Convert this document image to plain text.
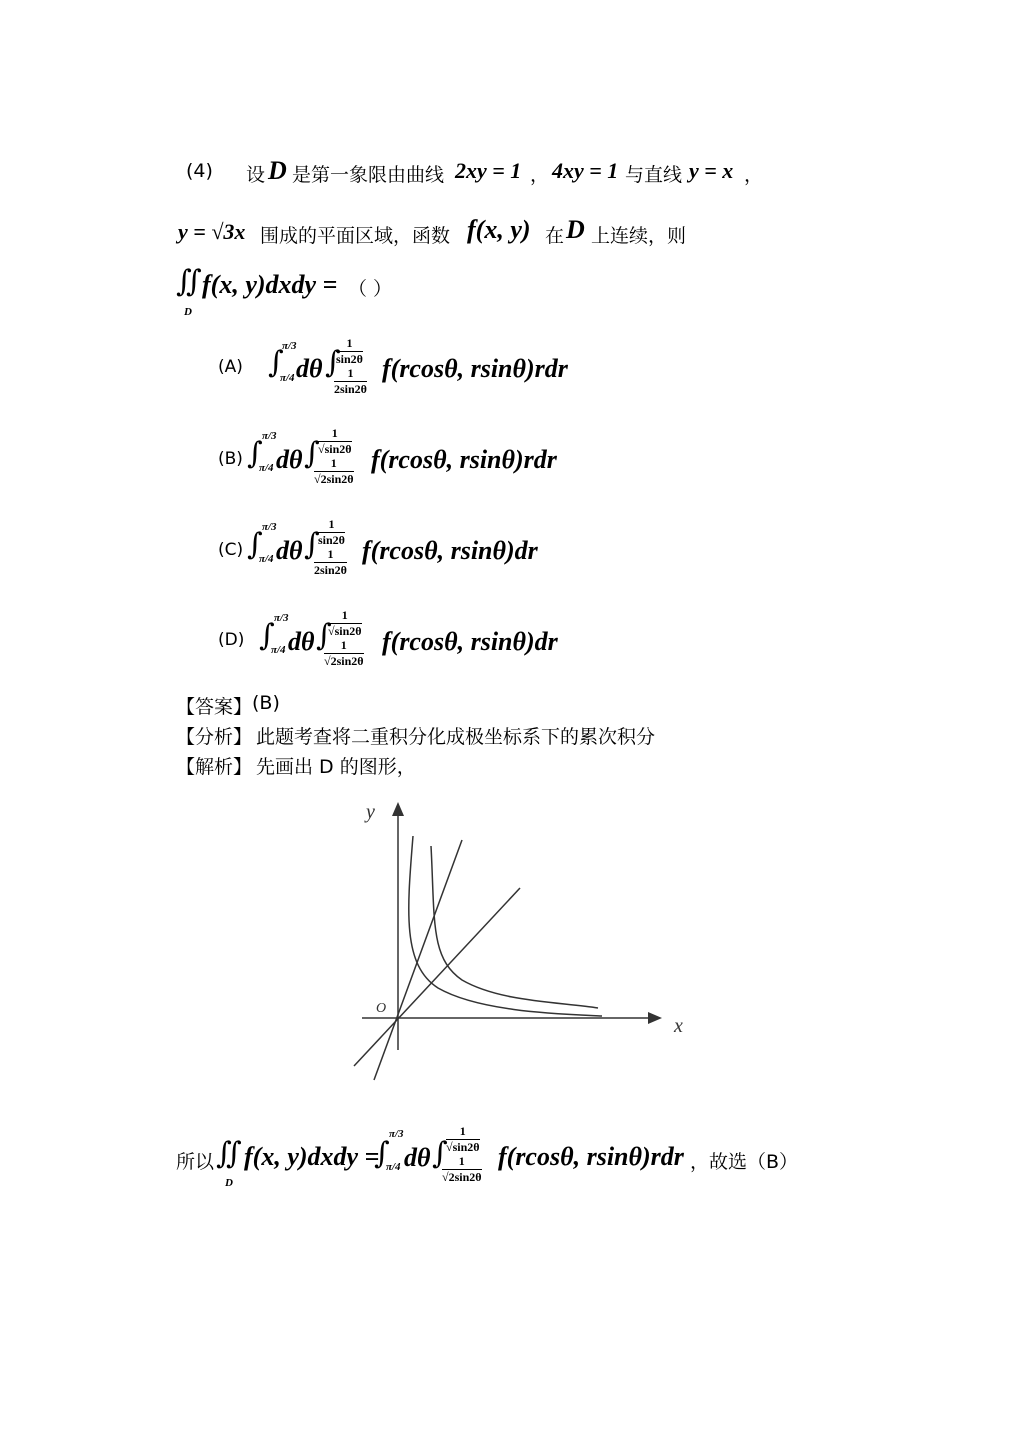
(4) 设 D 是第一象限由曲线 2xy = 1 ， 4xy = 1 与直线 y = x ，
y = √3x 围成的平面区域，函数 f(x, y) 在 D 上连续，则
∬
D
f(x, y)dxdy = （ ）
(A) ∫
π/3
π/4 dθ ∫
1
sin2θ
1
2sin2θ
f(rcosθ, rsinθ)rdr
(B) ∫ π/3
π/4 dθ ∫
1
√sin2θ
1
√2sin2θ
f(rcosθ, rsinθ)rdr
(C) ∫ π/3
π/4 dθ ∫
1
sin2θ
1
2sin2θ
f(rcosθ, rsinθ)dr
(D) ∫ π/3
π/4 dθ ∫
1
√sin2θ
1
√2sin2θ
f(rcosθ, rsinθ)dr
【答案】 (B)
【分析】 此题考查将二重积分化成极坐标系下的累次积分
【解析】 先画出 D 的图形，
y
x
O
所以 ∬
D
f(x, y)dxdy =
∫
π/3
π/4 dθ ∫
1
√sin2θ
1
√2sin2θ
f(rcosθ, rsinθ)rdr ，故选（B）
